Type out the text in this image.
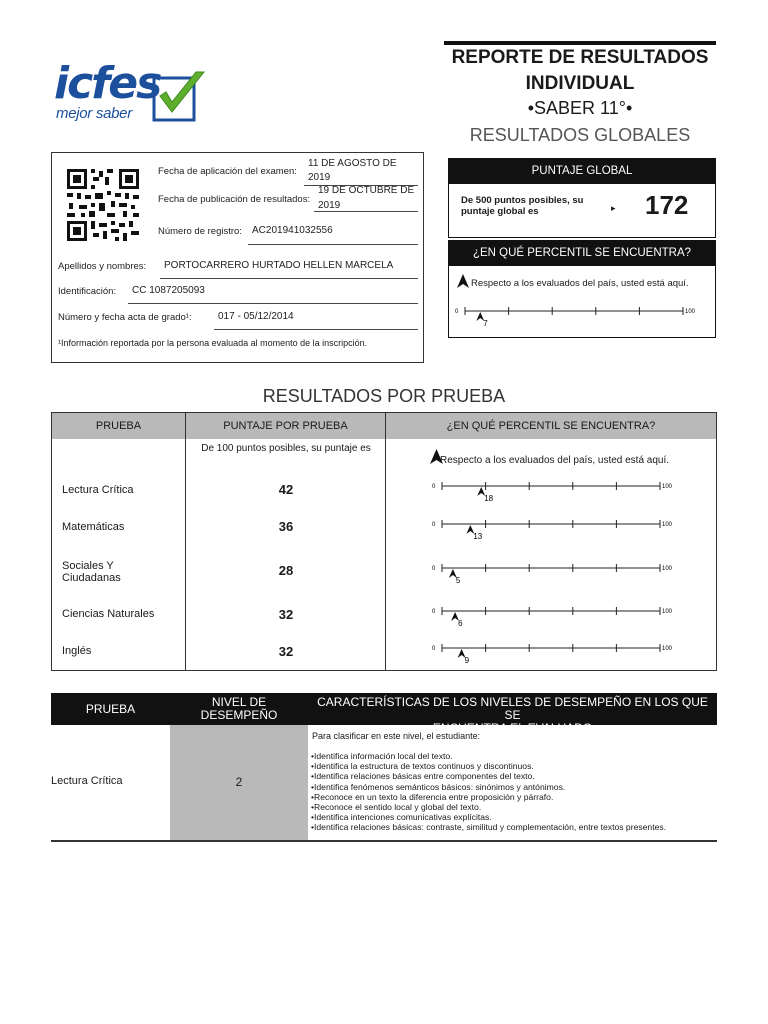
icfes
mejor saber
REPORTE DE RESULTADOS
INDIVIDUAL
•SABER 11°•
RESULTADOS GLOBALES
Fecha de aplicación del examen:
11 DE AGOSTO DE
2019
Fecha de publicación de resultados:
19 DE OCTUBRE DE
2019
Número de registro: AC201941032556
Apellidos y nombres: PORTOCARRERO HURTADO HELLEN MARCELA
Identificación: CC 1087205093
Número y fecha acta de grado¹:	017 - 05/12/2014
¹Información reportada por la persona evaluada al momento de la inscripción.
PUNTAJE GLOBAL
De 500 puntos posibles, su puntaje global es	▸ 172
¿EN QUÉ PERCENTIL SE ENCUENTRA?
Respecto a los evaluados del país, usted está aquí.
0	100
7
RESULTADOS POR PRUEBA
PRUEBA	PUNTAJE POR PRUEBA	¿EN QUÉ PERCENTIL SE ENCUENTRA?
De 100 puntos posibles, su puntaje es
Respecto a los evaluados del país, usted está aquí.
Lectura Crítica	42	0	100
18
Matemáticas	36	0	100
13
Sociales Y Ciudadanas	28	0	100
5
Ciencias Naturales	32	0	100
6
Inglés	32	0	100
9
PRUEBA	NIVEL DE
DESEMPEÑO
CARACTERÍSTICAS DE LOS NIVELES DE DESEMPEÑO EN LOS QUE SE
ENCUENTRA EL EVALUADO
Lectura Crítica	2
Para clasificar en este nivel, el estudiante:
• Identifica información local del texto.
• Identifica la estructura de textos continuos y discontinuos.
• Identifica relaciones básicas entre componentes del texto.
• Identifica fenómenos semánticos básicos: sinónimos y antónimos.
• Reconoce en un texto la diferencia entre proposición y párrafo.
• Reconoce el sentido local y global del texto.
• Identifica intenciones comunicativas explícitas.
• Identifica relaciones básicas: contraste, similitud y complementación, entre textos presentes.
